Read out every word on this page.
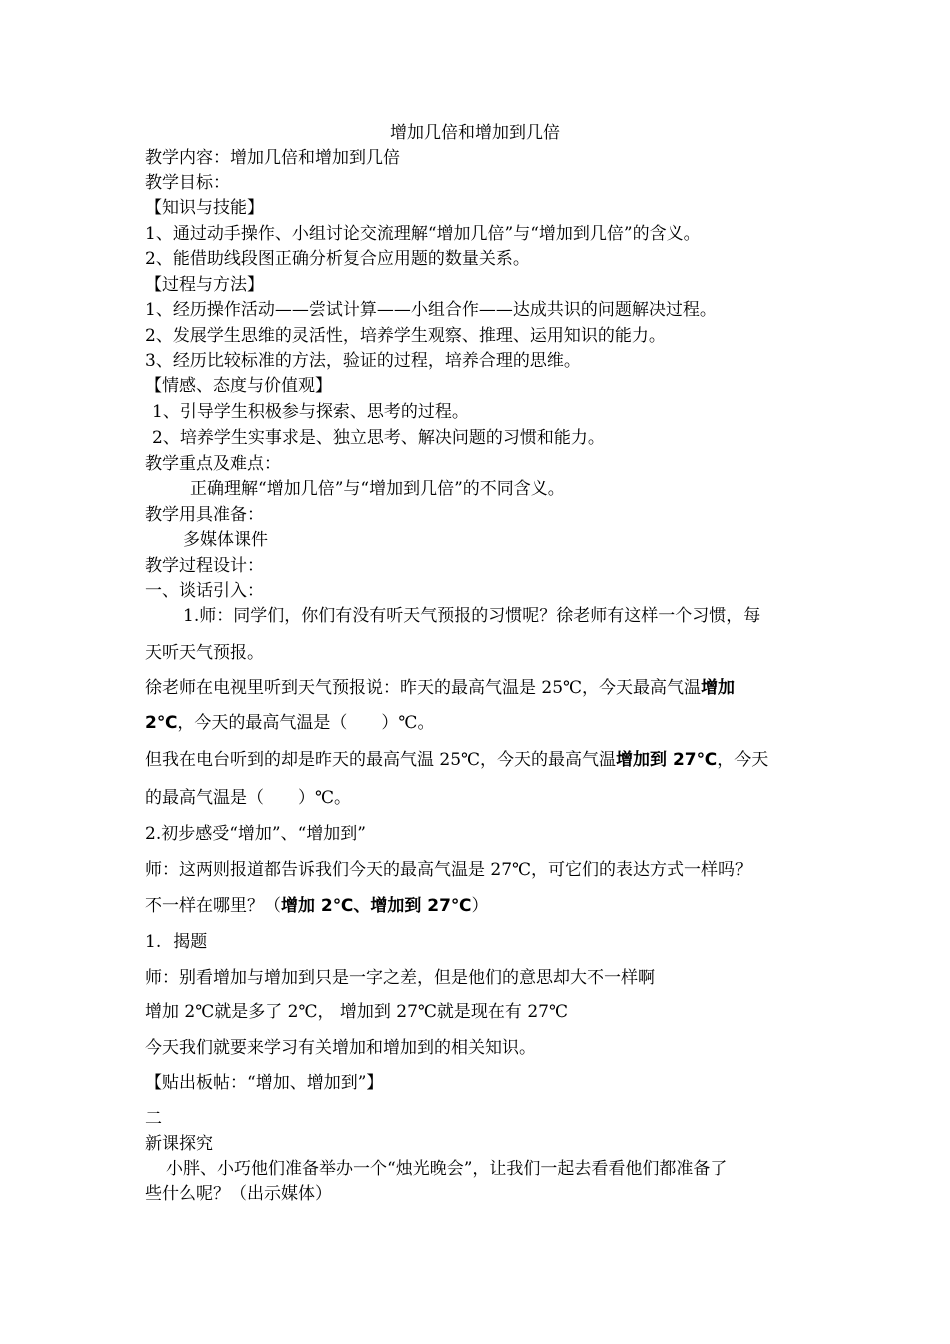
增加几倍和增加到几倍
教学内容：增加几倍和增加到几倍
教学目标：
【知识与技能】
1、通过动手操作、小组讨论交流理解“增加几倍”与“增加到几倍”的含义。
2、能借助线段图正确分析复合应用题的数量关系。
【过程与方法】
1、经历操作活动——尝试计算——小组合作——达成共识的问题解决过程。
2、发展学生思维的灵活性，培养学生观察、推理、运用知识的能力。
3、经历比较标准的方法，验证的过程，培养合理的思维。
【情感、态度与价值观】
1、引导学生积极参与探索、思考的过程。
2、培养学生实事求是、独立思考、解决问题的习惯和能力。
教学重点及难点：
正确理解“增加几倍”与“增加到几倍”的不同含义。
教学用具准备：
多媒体课件
教学过程设计：
一、谈话引入：
1.师：同学们，你们有没有听天气预报的习惯呢？徐老师有这样一个习惯，每
天听天气预报。
徐老师在电视里听到天气预报说：昨天的最高气温是 25℃，今天最高气温增加
2℃，今天的最高气温是（　　）℃。
但我在电台听到的却是昨天的最高气温 25℃，今天的最高气温增加到 27℃，今天
的最高气温是（　　）℃。
2.初步感受“增加”、“增加到”
师：这两则报道都告诉我们今天的最高气温是 27℃，可它们的表达方式一样吗？
不一样在哪里？（增加 2℃、增加到 27℃）
1. 揭题
师：别看增加与增加到只是一字之差，但是他们的意思却大不一样啊
增加 2℃就是多了 2℃， 增加到 27℃就是现在有 27℃
今天我们就要来学习有关增加和增加到的相关知识。
【贴出板帖：“增加、增加到”】
二
新课探究
小胖、小巧他们准备举办一个“烛光晚会”，让我们一起去看看他们都准备了
些什么呢？（出示媒体）
